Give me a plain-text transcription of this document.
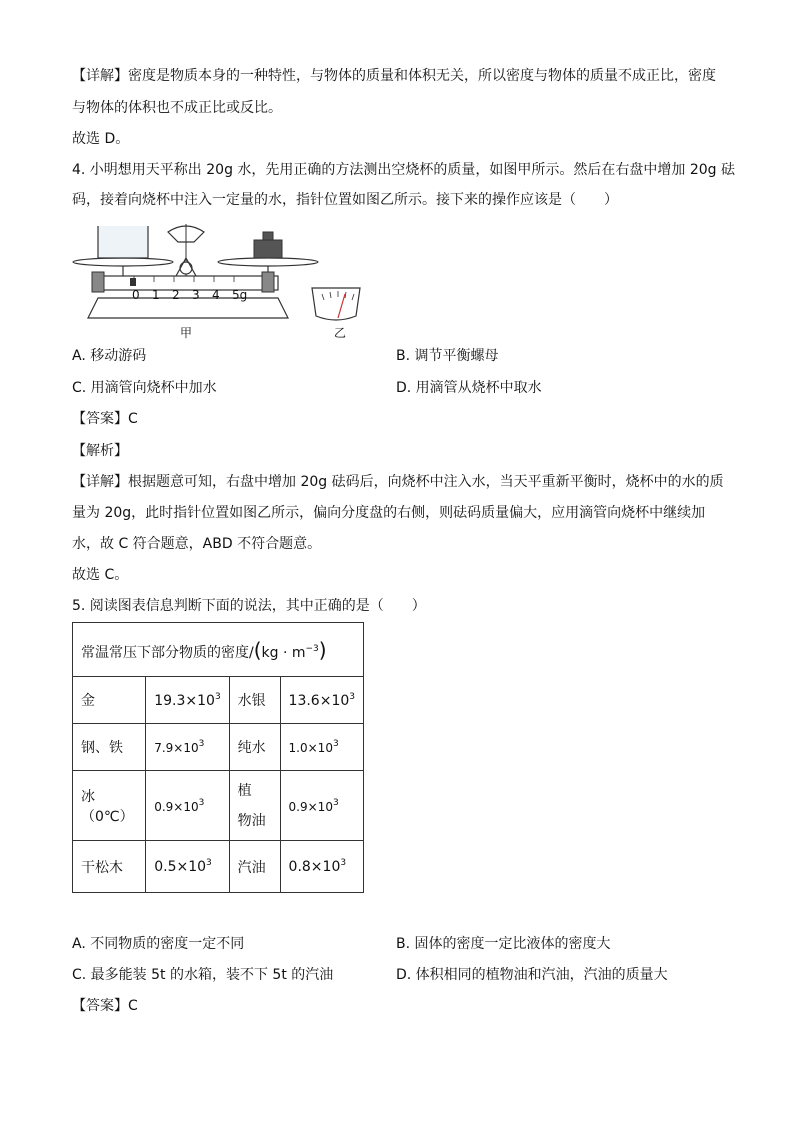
【详解】密度是物质本身的一种特性，与物体的质量和体积无关，所以密度与物体的质量不成正比，密度
与物体的体积也不成正比或反比。
故选 D。
4. 小明想用天平称出 20g 水，先用正确的方法测出空烧杯的质量，如图甲所示。然后在右盘中增加 20g 砝
码，接着向烧杯中注入一定量的水，指针位置如图乙所示。接下来的操作应该是（　　）
0 1 2 3 4 5g
甲	乙
A. 移动游码	B. 调节平衡螺母
C. 用滴管向烧杯中加水	D. 用滴管从烧杯中取水
【答案】C
【解析】
【详解】根据题意可知，右盘中增加 20g 砝码后，向烧杯中注入水，当天平重新平衡时，烧杯中的水的质
量为 20g，此时指针位置如图乙所示，偏向分度盘的右侧，则砝码质量偏大，应用滴管向烧杯中继续加
水，故 C 符合题意，ABD 不符合题意。
故选 C。
5. 阅读图表信息判断下面的说法，其中正确的是（　　）
常温常压下部分物质的密度$/(kg \cdot m^{-3})$			
金	$19.3\times 10^3$	水银	$13.6\times 10^3$
钢、铁	$7.9\times 10^3$	纯水	$1.0\times 10^3$
冰（0℃）	$0.9\times 10^3$	植　物油	$0.9\times 10^3$
干松木	$0.5\times 10^3$	汽油	$0.8\times 10^3$
A. 不同物质的密度一定不同	B. 固体的密度一定比液体的密度大
C. 最多能装 5t 的水箱，装不下 5t 的汽油	D. 体积相同的植物油和汽油，汽油的质量大
【答案】C
